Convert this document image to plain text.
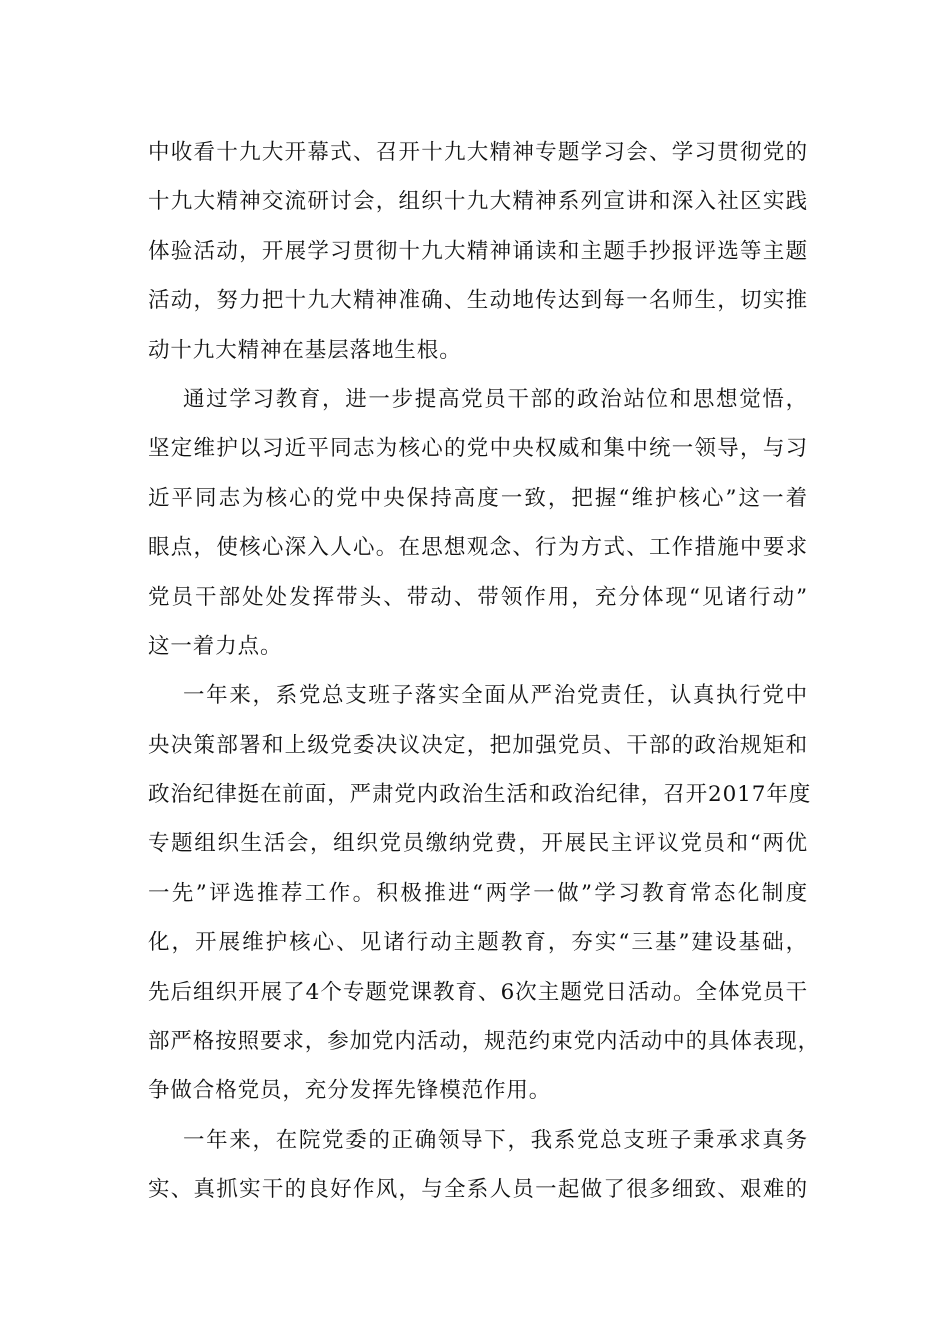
中收看十九大开幕式、召开十九大精神专题学习会、学习贯彻党的
十九大精神交流研讨会，组织十九大精神系列宣讲和深入社区实践
体验活动，开展学习贯彻十九大精神诵读和主题手抄报评选等主题
活动，努力把十九大精神准确、生动地传达到每一名师生，切实推
动十九大精神在基层落地生根。
通过学习教育，进一步提高党员干部的政治站位和思想觉悟，
坚定维护以习近平同志为核心的党中央权威和集中统一领导，与习
近平同志为核心的党中央保持高度一致，把握“维护核心”这一着
眼点，使核心深入人心。在思想观念、行为方式、工作措施中要求
党员干部处处发挥带头、带动、带领作用，充分体现“见诸行动”
这一着力点。
一年来，系党总支班子落实全面从严治党责任，认真执行党中
央决策部署和上级党委决议决定，把加强党员、干部的政治规矩和
政治纪律挺在前面，严肃党内政治生活和政治纪律，召开2017年度
专题组织生活会，组织党员缴纳党费，开展民主评议党员和“两优
一先”评选推荐工作。积极推进“两学一做”学习教育常态化制度
化，开展维护核心、见诸行动主题教育，夯实“三基”建设基础，
先后组织开展了4个专题党课教育、6次主题党日活动。全体党员干
部严格按照要求，参加党内活动，规范约束党内活动中的具体表现，
争做合格党员，充分发挥先锋模范作用。
一年来，在院党委的正确领导下，我系党总支班子秉承求真务
实、真抓实干的良好作风，与全系人员一起做了很多细致、艰难的
